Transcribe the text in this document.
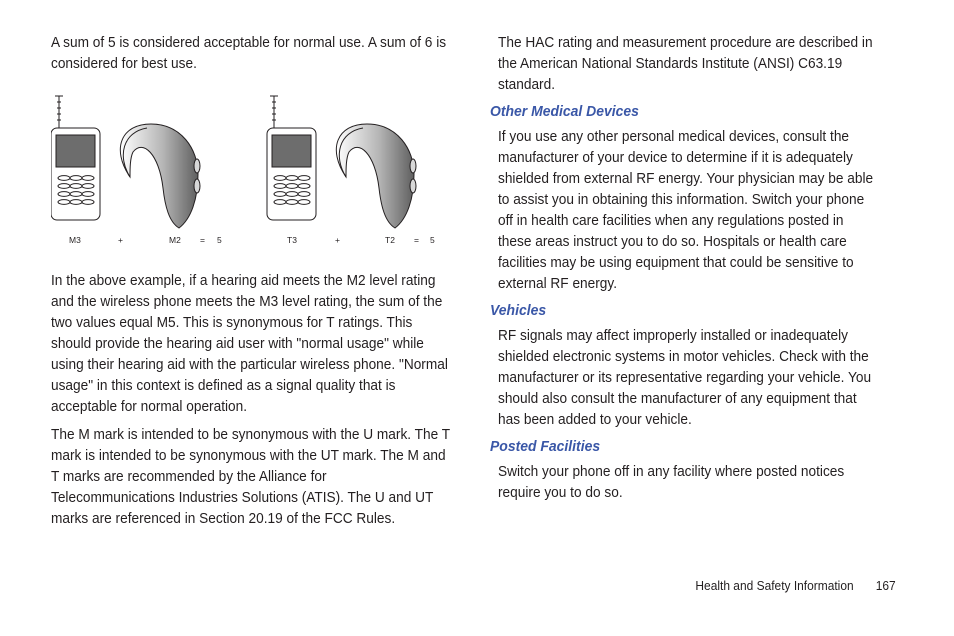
A sum of 5 is considered acceptable for normal use. A sum of 6 is considered for best use.

M3	+	M2 = 5	T3	+	T2 = 5

In the above example, if a hearing aid meets the M2 level rating and the wireless phone meets the M3 level rating, the sum of the two values equal M5. This is synonymous for T ratings. This should provide the hearing aid user with "normal usage" while using their hearing aid with the particular wireless phone. "Normal usage" in this context is defined as a signal quality that is acceptable for normal operation.

The M mark is intended to be synonymous with the U mark. The T mark is intended to be synonymous with the UT mark. The M and T marks are recommended by the Alliance for Telecommunications Industries Solutions (ATIS). The U and UT marks are referenced in Section 20.19 of the FCC Rules.

The HAC rating and measurement procedure are described in the American National Standards Institute (ANSI) C63.19 standard.

Other Medical Devices

If you use any other personal medical devices, consult the manufacturer of your device to determine if it is adequately shielded from external RF energy. Your physician may be able to assist you in obtaining this information. Switch your phone off in health care facilities when any regulations posted in these areas instruct you to do so. Hospitals or health care facilities may be using equipment that could be sensitive to external RF energy.

Vehicles

RF signals may affect improperly installed or inadequately shielded electronic systems in motor vehicles. Check with the manufacturer or its representative regarding your vehicle. You should also consult the manufacturer of any equipment that has been added to your vehicle.

Posted Facilities

Switch your phone off in any facility where posted notices require you to do so.

Health and Safety Information 167
